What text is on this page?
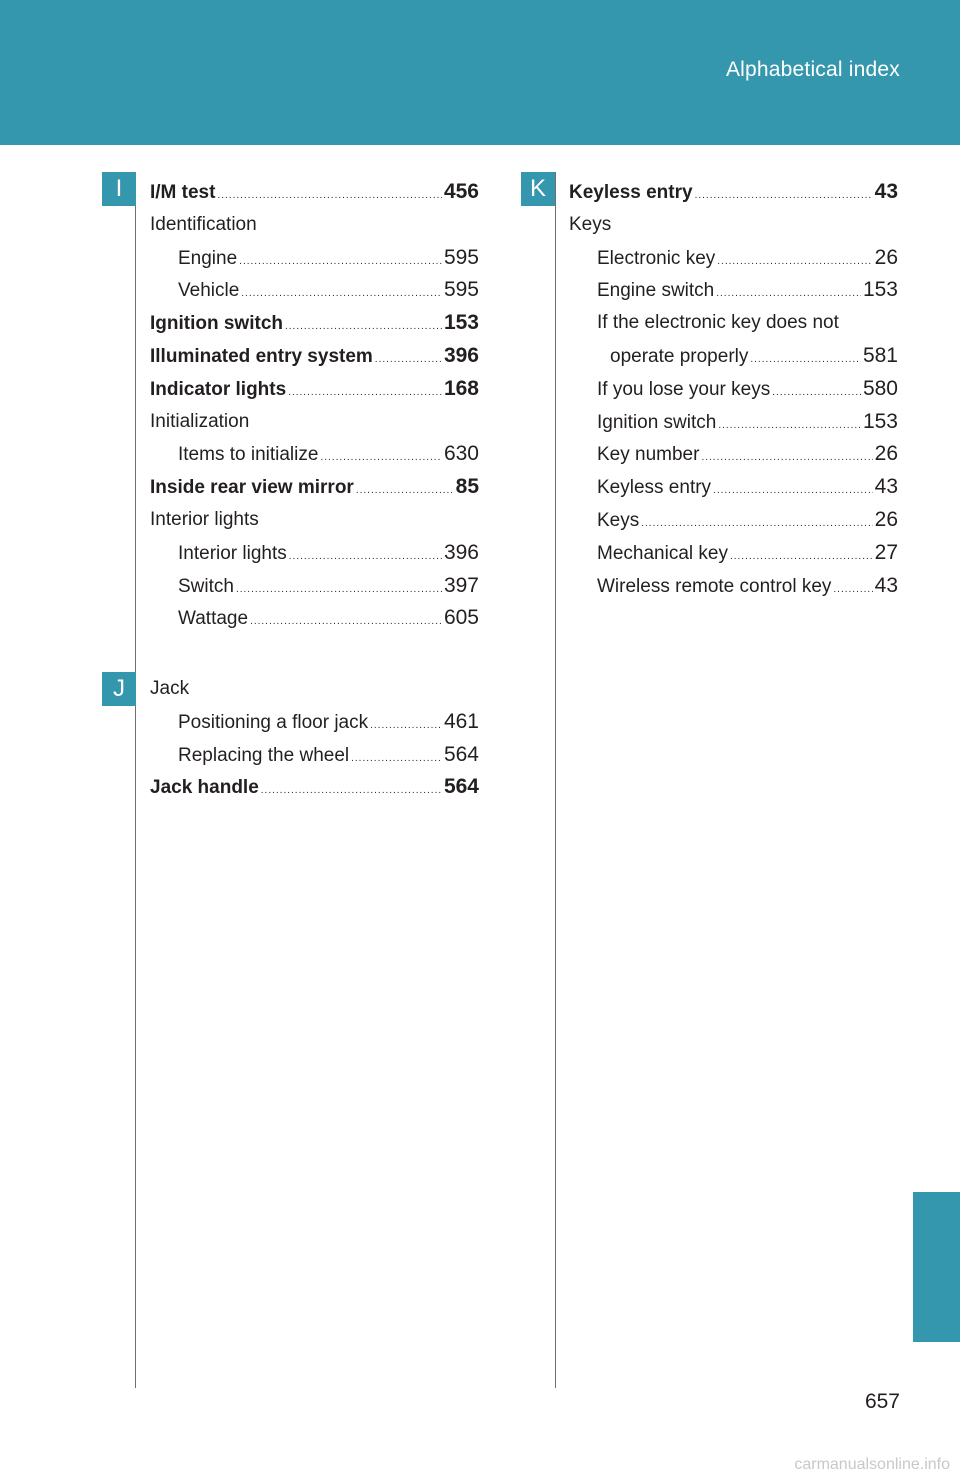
Alphabetical index
I
J
K
I/M test .....	456
Identification
Engine .....	595
Vehicle .....	595
Ignition switch .....	153
Illuminated entry system .....	396
Indicator lights .....	168
Initialization
Items to initialize .....	630
Inside rear view mirror .....	85
Interior lights
Interior lights .....	396
Switch .....	397
Wattage .....	605
Jack
Positioning a floor jack .....	461
Replacing the wheel .....	564
Jack handle .....	564
Keyless entry .....	43
Keys
Electronic key .....	26
Engine switch .....	153
If the electronic key does not
operate properly .....	581
If you lose your keys .....	580
Ignition switch .....	153
Key number .....	26
Keyless entry .....	43
Keys .....	26
Mechanical key .....	27
Wireless remote control key ..... 43
657
carmanualsonline.info
